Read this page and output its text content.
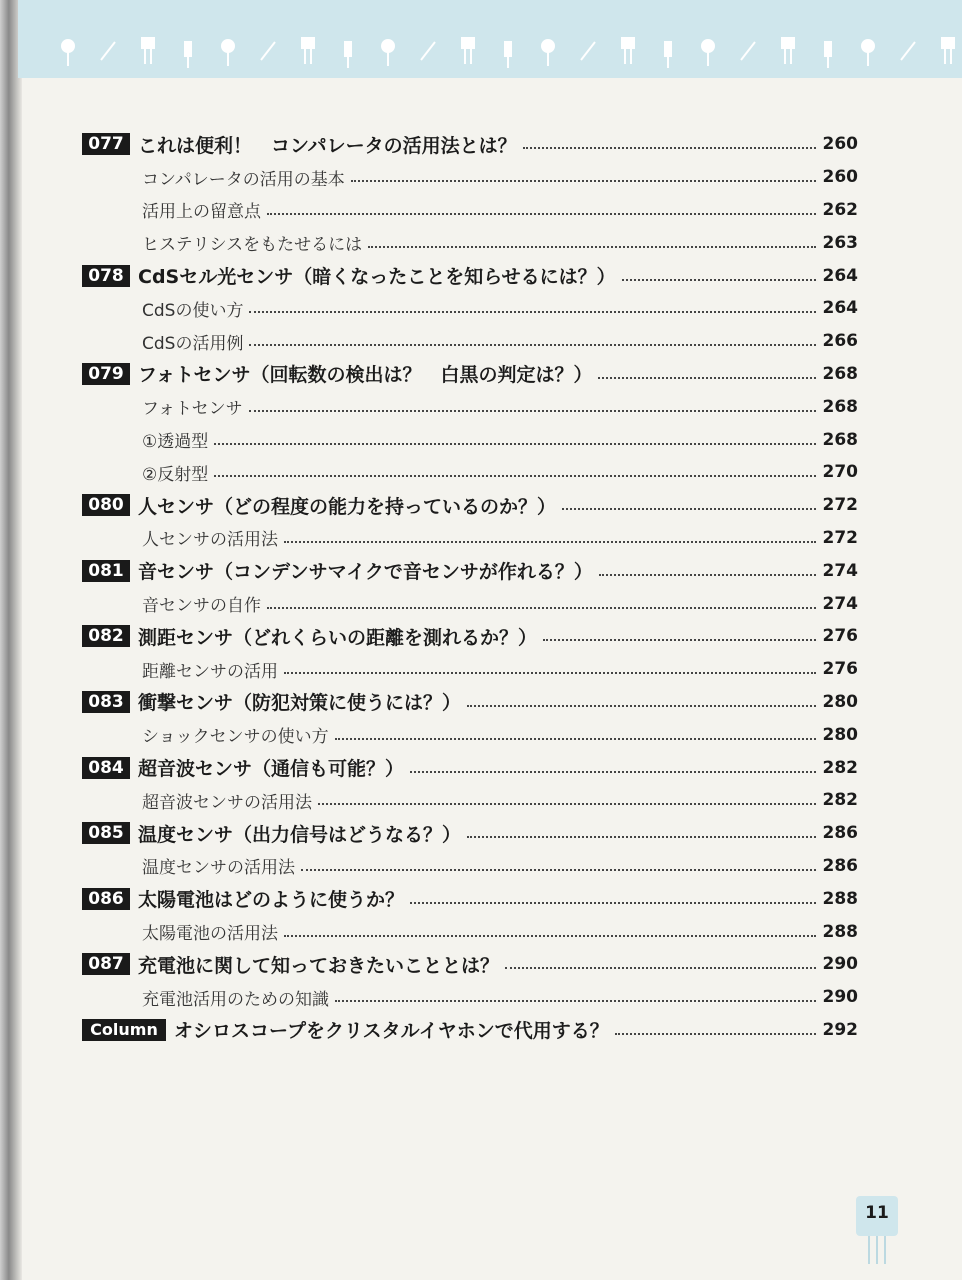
077 これは便利！　コンパレータの活用法とは？	260
コンパレータの活用の基本	260
活用上の留意点	262
ヒステリシスをもたせるには	263
078 CdSセル光センサ（暗くなったことを知らせるには？）	264
CdSの使い方	264
CdSの活用例	266
079 フォトセンサ（回転数の検出は？　白黒の判定は？）	268
フォトセンサ	268
①透過型	268
②反射型	270
080 人センサ（どの程度の能力を持っているのか？）	272
人センサの活用法	272
081 音センサ（コンデンサマイクで音センサが作れる？）	274
音センサの自作	274
082 測距センサ（どれくらいの距離を測れるか？）	276
距離センサの活用	276
083 衝撃センサ（防犯対策に使うには？）	280
ショックセンサの使い方	280
084 超音波センサ（通信も可能？）	282
超音波センサの活用法	282
085 温度センサ（出力信号はどうなる？）	286
温度センサの活用法	286
086 太陽電池はどのように使うか？	288
太陽電池の活用法	288
087 充電池に関して知っておきたいこととは？	290
充電池活用のための知識	290
Column オシロスコープをクリスタルイヤホンで代用する？	292
11
